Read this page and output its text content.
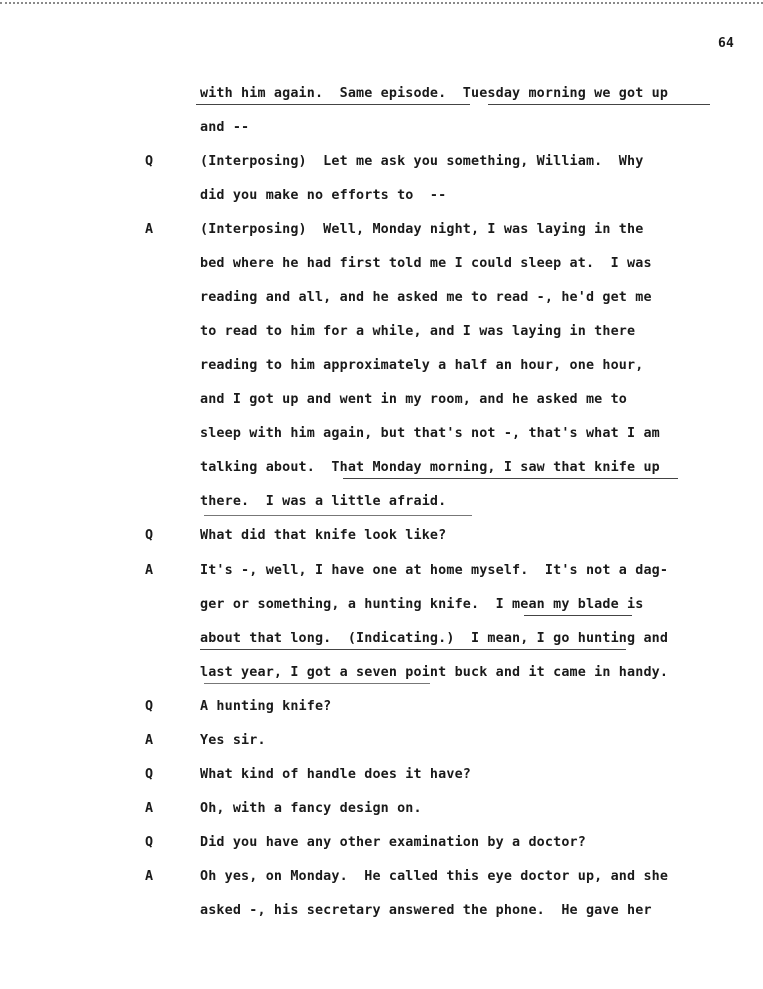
64
with him again.  Same episode.  Tuesday morning we got up
and --
Q	(Interposing)  Let me ask you something, William.  Why
did you make no efforts to  --
A	(Interposing)  Well, Monday night, I was laying in the
bed where he had first told me I could sleep at.  I was
reading and all, and he asked me to read -, he'd get me
to read to him for a while, and I was laying in there
reading to him approximately a half an hour, one hour,
and I got up and went in my room, and he asked me to
sleep with him again, but that's not -, that's what I am
talking about.  That Monday morning, I saw that knife up
there.  I was a little afraid.
Q	What did that knife look like?
A	It's -, well, I have one at home myself.  It's not a dag-
ger or something, a hunting knife.  I mean my blade is
about that long.  (Indicating.)  I mean, I go hunting and
last year, I got a seven point buck and it came in handy.
Q	A hunting knife?
A	Yes sir.
Q	What kind of handle does it have?
A	Oh, with a fancy design on.
Q	Did you have any other examination by a doctor?
A	Oh yes, on Monday.  He called this eye doctor up, and she
asked -, his secretary answered the phone.  He gave her
